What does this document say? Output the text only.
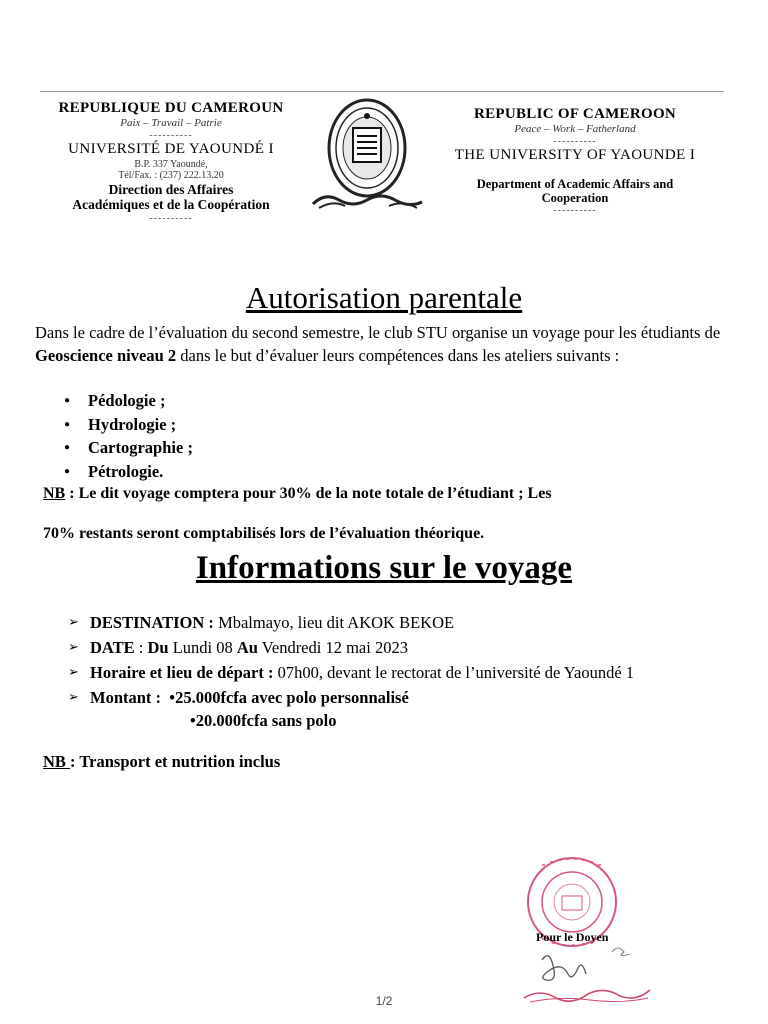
REPUBLIQUE DU CAMEROUN
Paix – Travail – Patrie
----------
UNIVERSITÉ DE YAOUNDÉ I
B.P. 337 Yaoundé,
Tél/Fax. : (237) 222.13.20
Direction des Affaires
Académiques et de la Coopération
----------
REPUBLIC OF CAMEROON
Peace – Work – Fatherland
----------
THE UNIVERSITY OF YAOUNDE I
Department of Academic Affairs and
Cooperation
----------
Autorisation parentale
Dans le cadre de l’évaluation du second semestre, le club STU organise un voyage pour les étudiants de Geoscience niveau 2 dans le but d’évaluer leurs compétences dans les ateliers suivants :
● Pédologie ;
● Hydrologie ;
● Cartographie ;
● Pétrologie.
NB : Le dit voyage comptera pour 30% de la note totale de l’étudiant ; Les
70% restants seront comptabilisés lors de l’évaluation théorique.
Informations sur le voyage
➢ DESTINATION : Mbalmayo, lieu dit AKOK BEKOE
➢ DATE : Du Lundi 08 Au Vendredi 12 mai 2023
➢ Horaire et lieu de départ : 07h00, devant le rectorat de l’université de Yaoundé 1
➢ Montant :  •25.000fcfa avec polo personnalisé
•20.000fcfa sans polo
NB : Transport et nutrition inclus
Pour le Doyen
1/2
